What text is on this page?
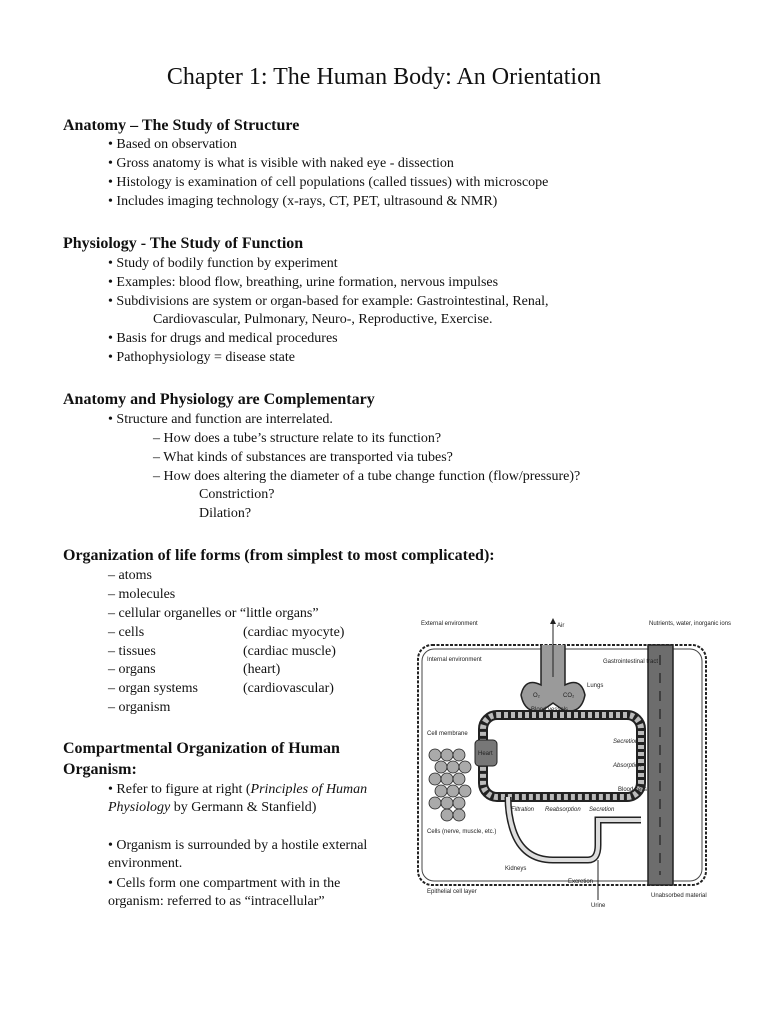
Chapter 1: The Human Body: An Orientation
Anatomy – The Study of Structure
• Based on observation
• Gross anatomy is what is visible with naked eye - dissection
• Histology is examination of cell populations (called tissues) with microscope
• Includes imaging technology (x-rays, CT, PET, ultrasound & NMR)
Physiology - The Study of Function
• Study of bodily function by experiment
• Examples: blood flow, breathing, urine formation, nervous impulses
• Subdivisions are system or organ-based for example: Gastrointestinal, Renal,
Cardiovascular, Pulmonary, Neuro-, Reproductive, Exercise.
• Basis for drugs and medical procedures
• Pathophysiology = disease state
Anatomy and Physiology are Complementary
• Structure and function are interrelated.
– How does a tube’s structure relate to its function?
– What kinds of substances are transported via tubes?
– How does altering the diameter of a tube change function (flow/pressure)?
Constriction?
Dilation?
Organization of life forms (from simplest to most complicated):
– atoms
– molecules
– cellular organelles or “little organs”
– cells	(cardiac myocyte)
– tissues	(cardiac muscle)
– organs	(heart)
– organ systems	(cardiovascular)
– organism
Compartmental Organization of Human
Organism:
• Refer to figure at right (Principles of Human Physiology by Germann & Stanfield)
• Organism is surrounded by a hostile external environment.
• Cells form one compartment with in the organism: referred to as “intracellular”
External environment
Internal environment
Air
O₂	CO₂
Lungs
Gastrointestinal tract
Nutrients, water, inorganic ions
Cell membrane
Blood vessels
Heart
Secretion
Absorption
Blood cells
Filtration Reabsorption Secretion
Cells (nerve, muscle, etc.)
Kidneys
Excretion
Epithelial cell layer
Urine
Unabsorbed material
